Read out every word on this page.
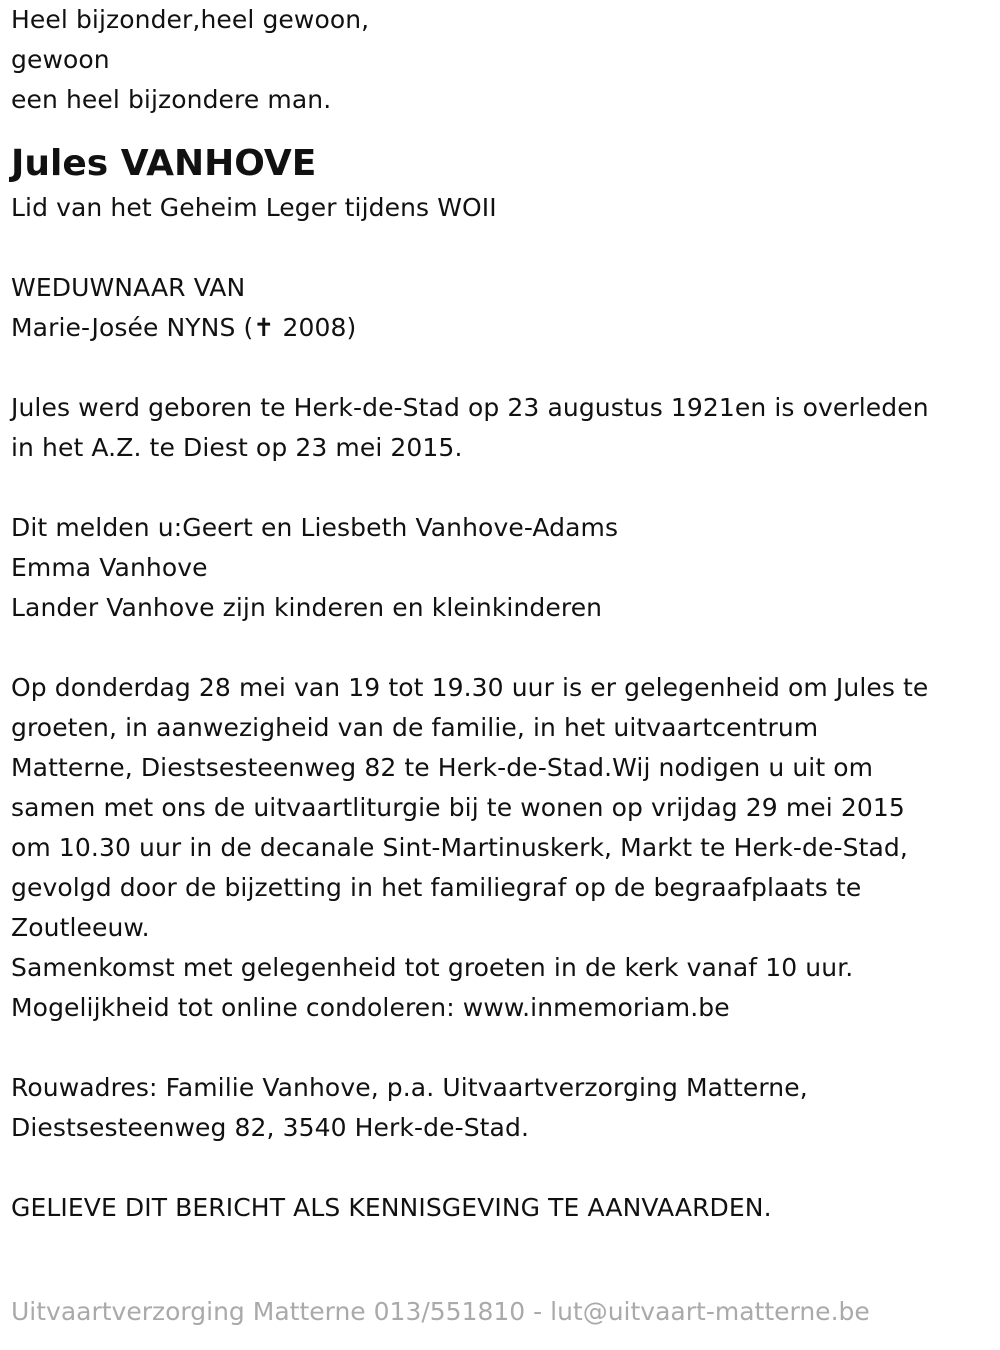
Heel bijzonder,heel gewoon,
gewoon
een heel bijzondere man.
Jules VANHOVE
Lid van het Geheim Leger tijdens WOII
WEDUWNAAR VAN
Marie-Josée NYNS (✝ 2008)
Jules werd geboren te Herk-de-Stad op 23 augustus 1921en is overleden
in het A.Z. te Diest op 23 mei 2015.
Dit melden u:Geert en Liesbeth Vanhove-Adams
Emma Vanhove
Lander Vanhove zijn kinderen en kleinkinderen
Op donderdag 28 mei van 19 tot 19.30 uur is er gelegenheid om Jules te
groeten, in aanwezigheid van de familie, in het uitvaartcentrum
Matterne, Diestsesteenweg 82 te Herk-de-Stad.Wij nodigen u uit om
samen met ons de uitvaartliturgie bij te wonen op vrijdag 29 mei 2015
om 10.30 uur in de decanale Sint-Martinuskerk, Markt te Herk-de-Stad,
gevolgd door de bijzetting in het familiegraf op de begraafplaats te
Zoutleeuw.
Samenkomst met gelegenheid tot groeten in de kerk vanaf 10 uur.
Mogelijkheid tot online condoleren: www.inmemoriam.be
Rouwadres: Familie Vanhove, p.a. Uitvaartverzorging Matterne,
Diestsesteenweg 82, 3540 Herk-de-Stad.
GELIEVE DIT BERICHT ALS KENNISGEVING TE AANVAARDEN.
Uitvaartverzorging Matterne 013/551810 - lut@uitvaart-matterne.be
